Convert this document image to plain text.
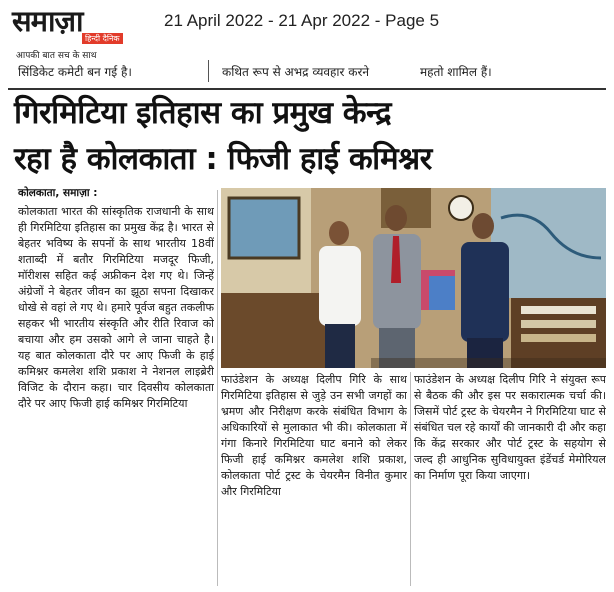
समाज़ा
हिन्दी दैनिक
आपकी बात सच के साथ
21 April 2022 - 21 Apr 2022 - Page 5
सिंडिकेट कमेटी बन गई है।	कथित रूप से अभद्र व्यवहार करने	महतो शामिल हैं।
गिरमिटिया इतिहास का प्रमुख केन्द्र
रहा है कोलकाता : फिजी हाई कमिश्नर
कोलकाता, समाज़ा :
कोलकाता भारत की सांस्कृतिक राजधानी के साथ ही गिरमिटिया इतिहास का प्रमुख केंद्र है। भारत से बेहतर भविष्य के सपनों के साथ भारतीय 18वीं शताब्दी में बतौर गिरमिटिया मजदूर फिजी, मॉरीशस सहित कई अफ्रीकन देश गए थे। जिन्हें अंग्रेजों ने बेहतर जीवन का झूठा सपना दिखाकर धोखे से वहां ले गए थे। हमारे पूर्वज बहुत तकलीफ सहकर भी भारतीय संस्कृति और रीति रिवाज को बचाया और हम उसको आगे ले जाना चाहते है। यह बात कोलकाता दौरे पर आए फिजी के हाई कमिश्नर कमलेश शशि प्रकाश ने नेशनल लाइब्रेरी विजिट के दौरान कहा। चार दिवसीय कोलकाता दौरे पर आए फिजी हाई कमिश्नर गिरमिटिया
फाउंडेशन के अध्यक्ष दिलीप गिरि के साथ गिरमिटिया इतिहास से जुड़े उन सभी जगहों का भ्रमण और निरीक्षण करके संबंधित विभाग के अधिकारियों से मुलाकात भी की। कोलकाता में गंगा किनारे गिरमिटिया घाट बनाने को लेकर फिजी हाई कमिश्नर कमलेश शशि प्रकाश, कोलकाता पोर्ट ट्रस्ट के चेयरमैन विनीत कुमार और गिरमिटिया
फाउंडेशन के अध्यक्ष दिलीप गिरि ने संयुक्त रूप से बैठक की और इस पर सकारात्मक चर्चा की। जिसमें पोर्ट ट्रस्ट के चेयरमैन ने गिरमिटिया घाट से संबंधित चल रहे कार्यों की जानकारी दी और कहा कि केंद्र सरकार और पोर्ट ट्रस्ट के सहयोग से जल्द ही आधुनिक सुविधायुक्त इंडेंचर्ड मेमोरियल का निर्माण पूरा किया जाएगा।
